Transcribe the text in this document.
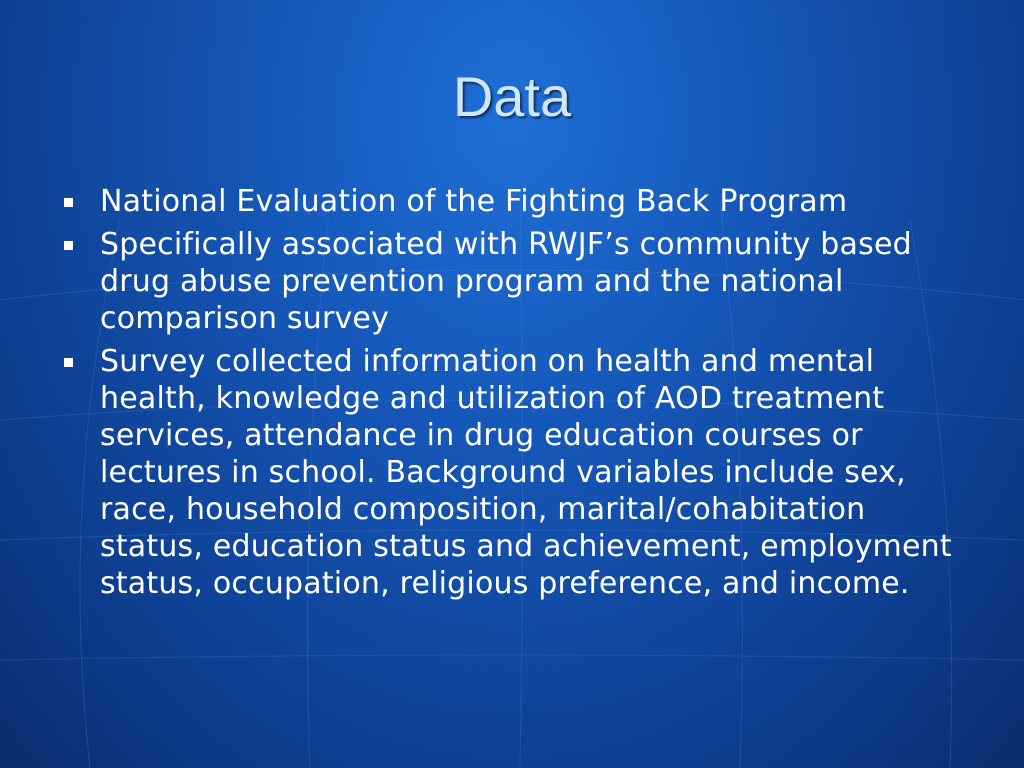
Data
National Evaluation of the Fighting Back Program
Specifically associated with RWJF’s community based drug abuse prevention program and the national comparison survey
Survey collected information on health and mental health, knowledge and utilization of AOD treatment services, attendance in drug education courses or lectures in school. Background variables include sex, race, household composition, marital/cohabitation status, education status and achievement, employment status, occupation, religious preference, and income.
